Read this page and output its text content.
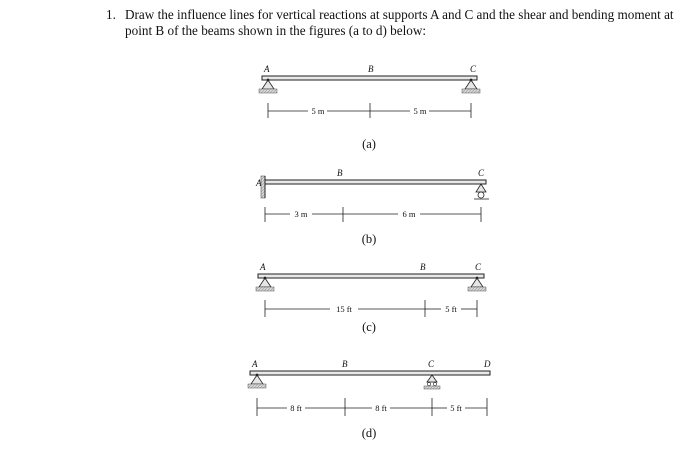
1. Draw the influence lines for vertical reactions at supports A and C and the shear and bending moment at point B of the beams shown in the figures (a to d) below:
A	B	C
5 m	5 m
(a)
A
B	C
3 m	6 m
(b)
A	B	C
15 ft	5 ft
(c)
A	B	C	D
8 ft	8 ft	5 ft
(d)
